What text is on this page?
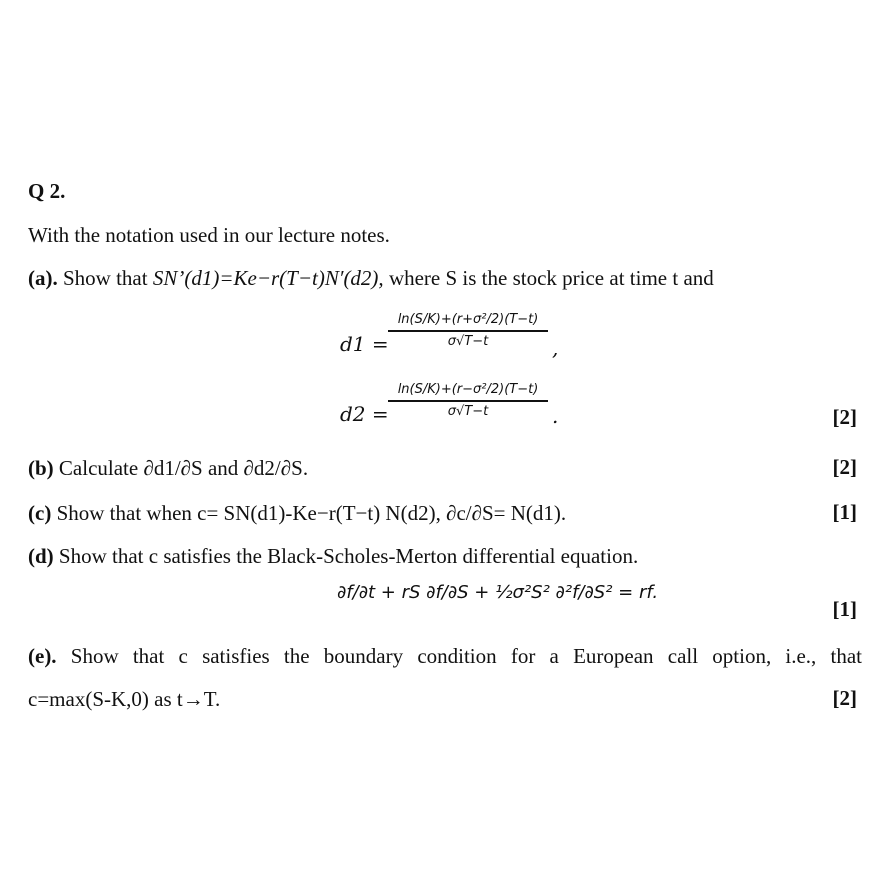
Q 2.
With the notation used in our lecture notes.
(a). Show that SN’(d1)=Ke−r(T−t)N′(d2), where S is the stock price at time t and
d1 =
ln(S/K)+(r+σ²/2)(T−t)
σ√T−t	,
d2 =
ln(S/K)+(r−σ²/2)(T−t)
σ√T−t	.	[2]
(b) Calculate ∂d1/∂S and ∂d2/∂S.	[2]
(c) Show that when c= SN(d1)-Ke−r(T−t) N(d2), ∂c/∂S= N(d1).	[1]
(d) Show that c satisfies the Black-Scholes-Merton differential equation.
∂f/∂t + rS ∂f/∂S + ½σ²S² ∂²f/∂S² = rf.
[1]
(e). Show that c satisfies the boundary condition for a European call option, i.e., that
c=max(S-K,0) as t→T.	[2]
